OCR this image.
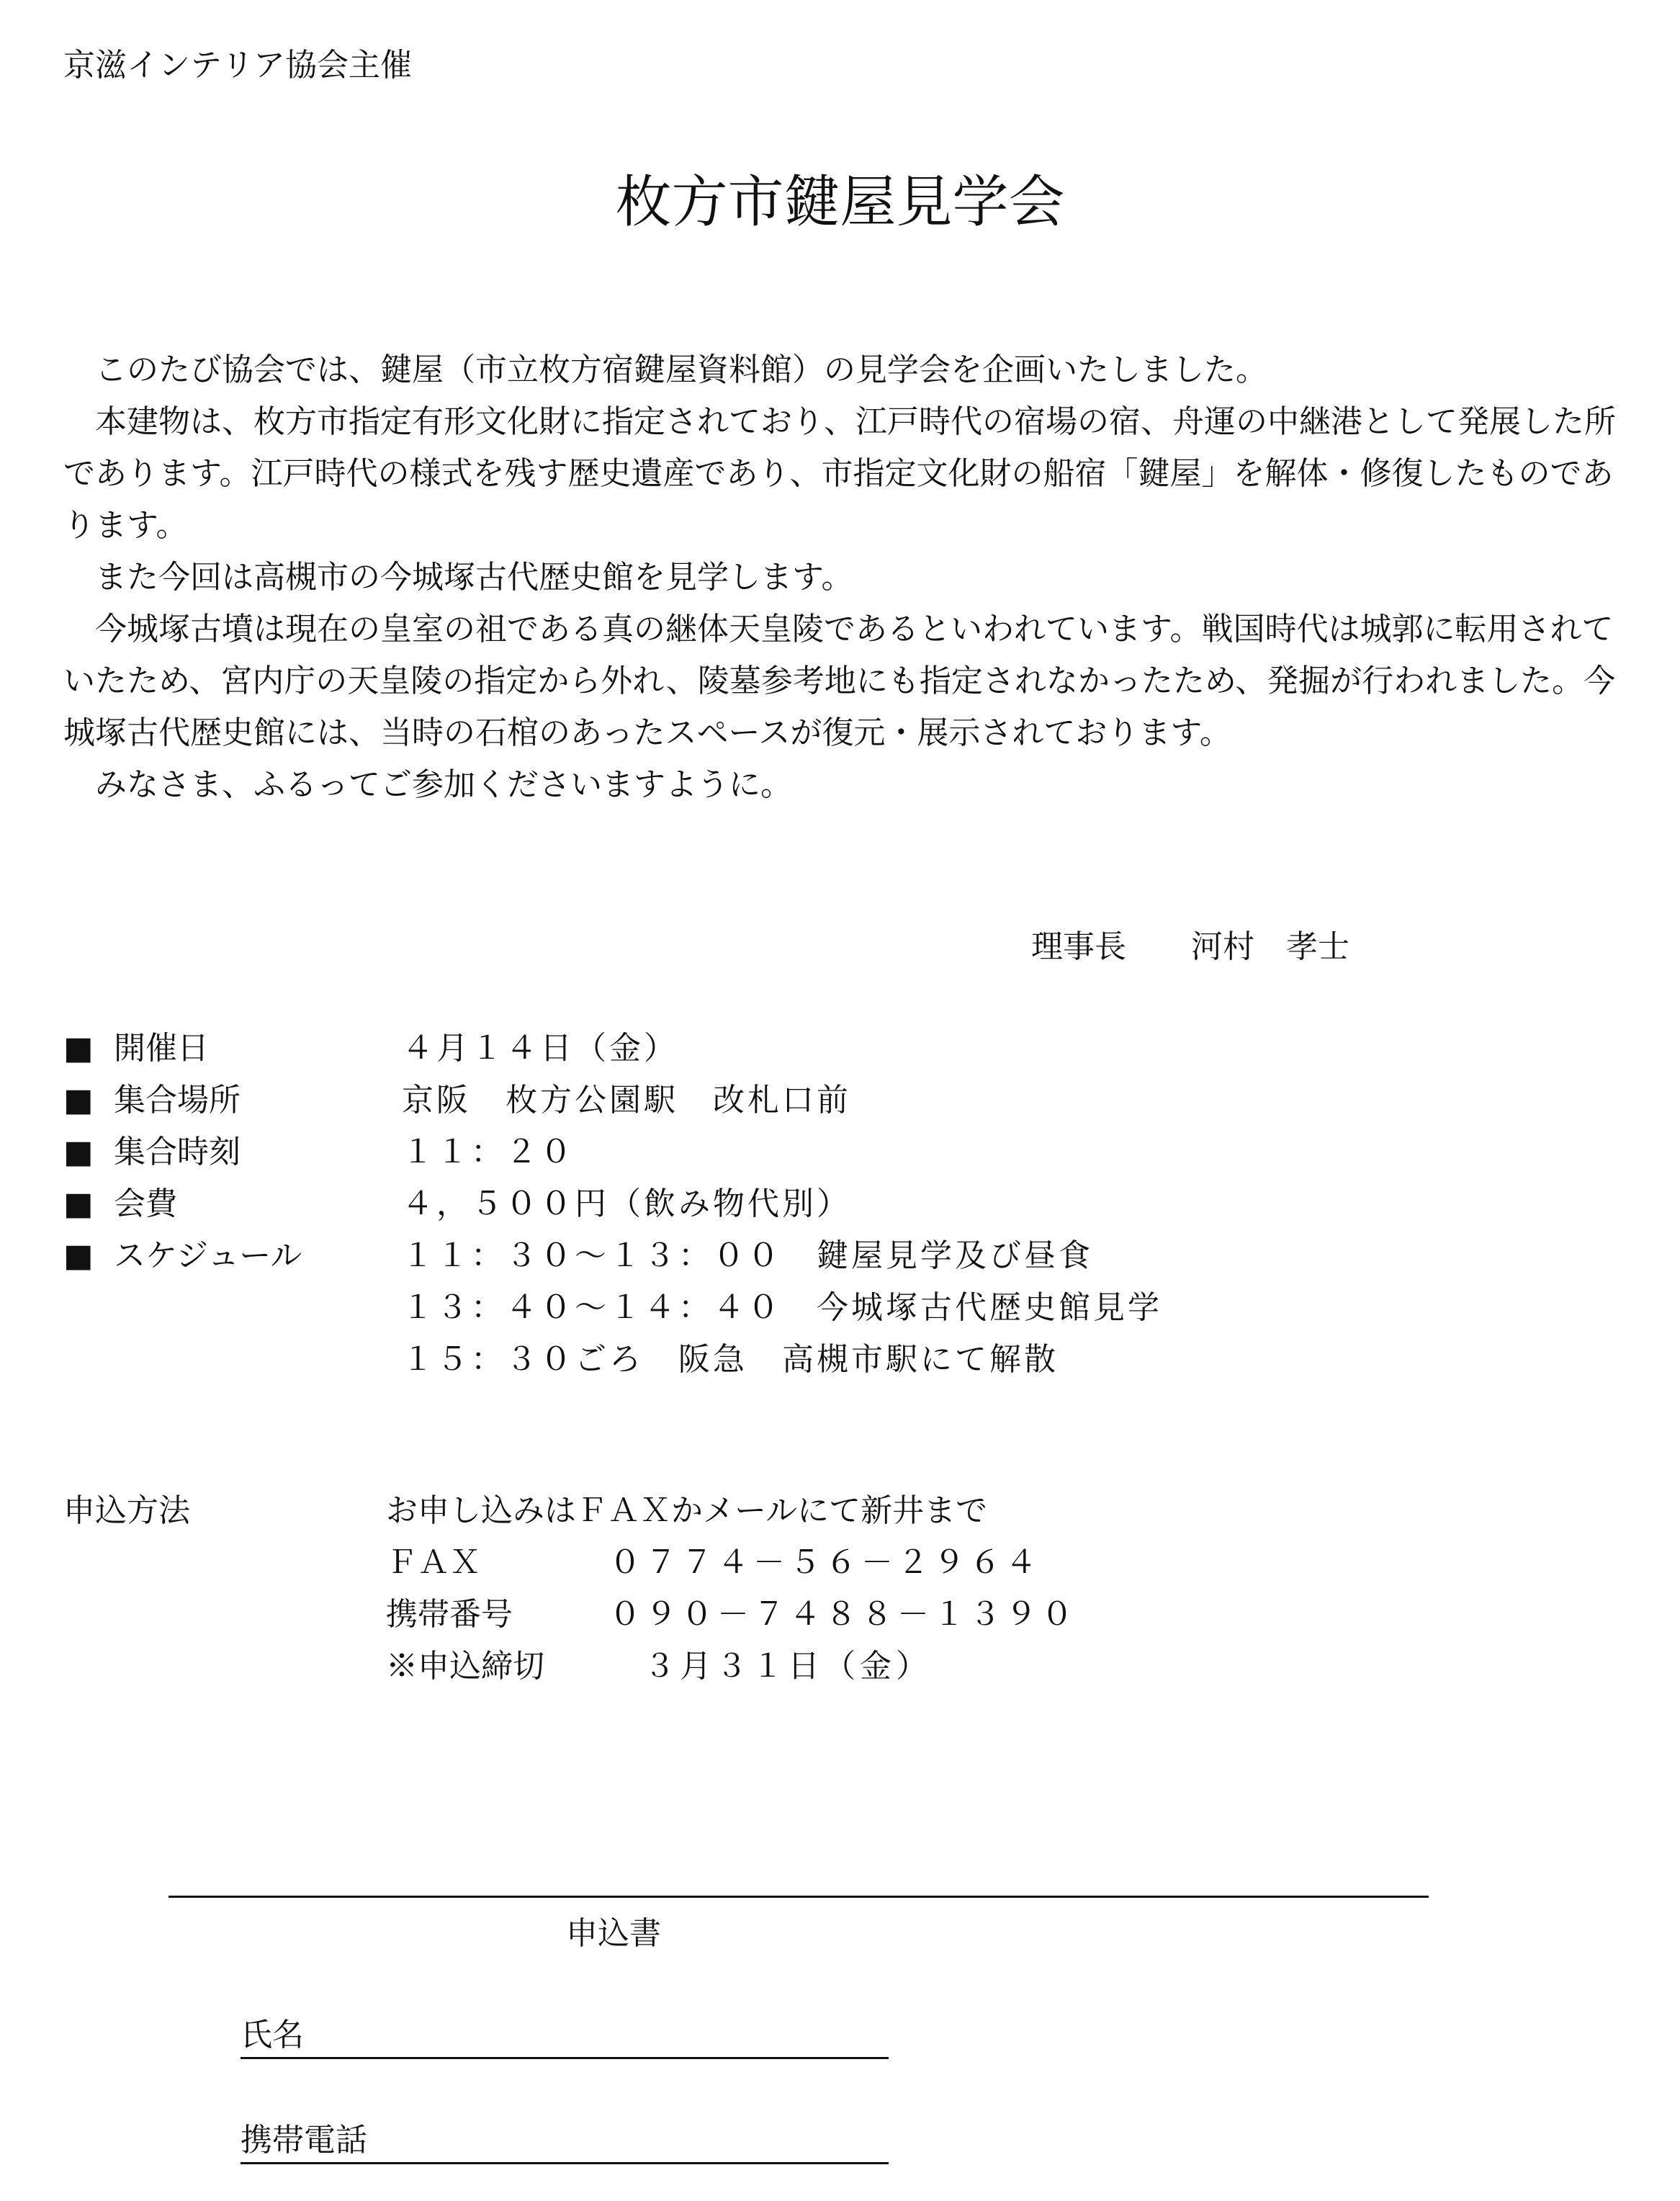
京滋インテリア協会主催
枚方市鍵屋見学会

このたび協会では、鍵屋（市立枚方宿鍵屋資料館）の見学会を企画いたしました。

本建物は、枚方市指定有形文化財に指定されており、江戸時代の宿場の宿、舟運の中継港として発展した所であります。江戸時代の様式を残す歴史遺産であり、市指定文化財の船宿「鍵屋」を解体・修復したものであります。

また今回は高槻市の今城塚古代歴史館を見学します。

今城塚古墳は現在の皇室の祖である真の継体天皇陵であるといわれています。戦国時代は城郭に転用されていたため、宮内庁の天皇陵の指定から外れ、陵墓参考地にも指定されなかったため、発掘が行われました。今城塚古代歴史館には、当時の石棺のあったスペースが復元・展示されております。

みなさま、ふるってご参加くださいますように。

理事長 河村 孝士
■ 開催日	４月１４日（金）
■ 集合場所	京阪　枚方公園駅　改札口前
■ 集合時刻	１１：２０
■ 会費	４，５００円（飲み物代別）
■ スケジュール	１１：３０～１３：００　鍵屋見学及び昼食
１３：４０～１４：４０　今城塚古代歴史館見学
１５：３０ごろ　阪急　高槻市駅にて解散
申込方法	お申し込みはＦＡＸかメールにて新井まで
ＦＡＸ	０７７４－５６－２９６４
携帯番号	０９０－７４８８－１３９０
※申込締切	３月３１日（金）
申込書
氏名
携帯電話
